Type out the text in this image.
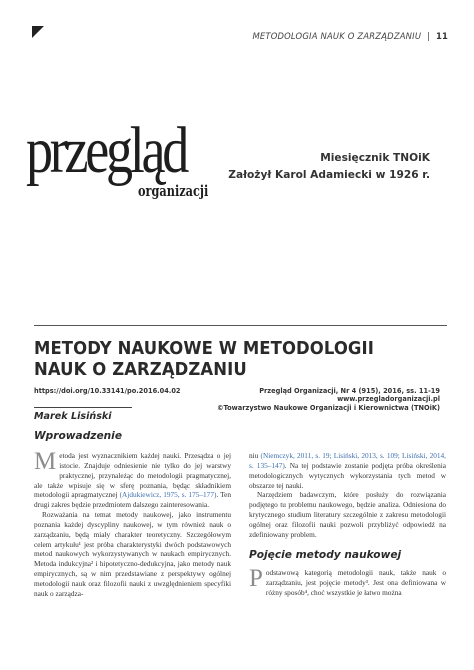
METODOLOGIA NAUK O ZARZĄDZANIU | 11
przegląd
organizacji
Miesięcznik TNOiK
Założył Karol Adamiecki w 1926 r.
METODY NAUKOWE W METODOLOGII
NAUK O ZARZĄDZANIU
https://doi.org/10.33141/po.2016.04.02	Przegląd Organizacji, Nr 4 (915), 2016, ss. 11-19
www.przegladorganizacji.pl
©Towarzystwo Naukowe Organizacji i Kierownictwa (TNOiK)
Marek Lisiński
Wprowadzenie

Metoda jest wyznacznikiem każdej nauki. Przesądza o jej istocie. Znajduje odniesienie nie tylko do jej warstwy praktycznej, przynależąc do metodologii pragmatycznej, ale także wpisuje się w sferę poznania, będąc składnikiem metodologii apragmatycznej (Ajdukiewicz, 1975, s. 175–177). Ten drugi zakres będzie przedmiotem dalszego zainteresowania.

Rozważania na temat metody naukowej, jako instrumentu poznania każdej dyscypliny naukowej, w tym również nauk o zarządzaniu, będą miały charakter teoretyczny. Szczegółowym celem artykułu¹ jest próba charakterystyki dwóch podstawowych metod naukowych wykorzystywanych w naukach empirycznych. Metoda indukcyjna² i hipotetyczno-dedukcyjna, jako metody nauk empirycznych, są w nim przedstawiane z perspektywy ogólnej metodologii nauk oraz filozofii nauki z uwzględnieniem specyfiki nauk o zarządza-

niu (Niemczyk, 2011, s. 19; Lisiński, 2013, s. 109; Lisiński, 2014, s. 135–147). Na tej podstawie zostanie podjęta próba określenia metodologicznych wytycznych wykorzystania tych metod w obszarze tej nauki.

Narzędziem badawczym, które posłuży do rozwiązania podjętego tu problemu naukowego, będzie analiza. Odniesiona do krytycznego studium literatury szczególnie z zakresu metodologii ogólnej oraz filozofii nauki pozwoli przybliżyć odpowiedź na zdefiniowany problem.

Pojęcie metody naukowej

Podstawową kategorią metodologii nauk, także nauk o zarządzaniu, jest pojęcie metody³. Jest ona definiowana w różny sposób⁴, choć wszystkie je łatwo można
